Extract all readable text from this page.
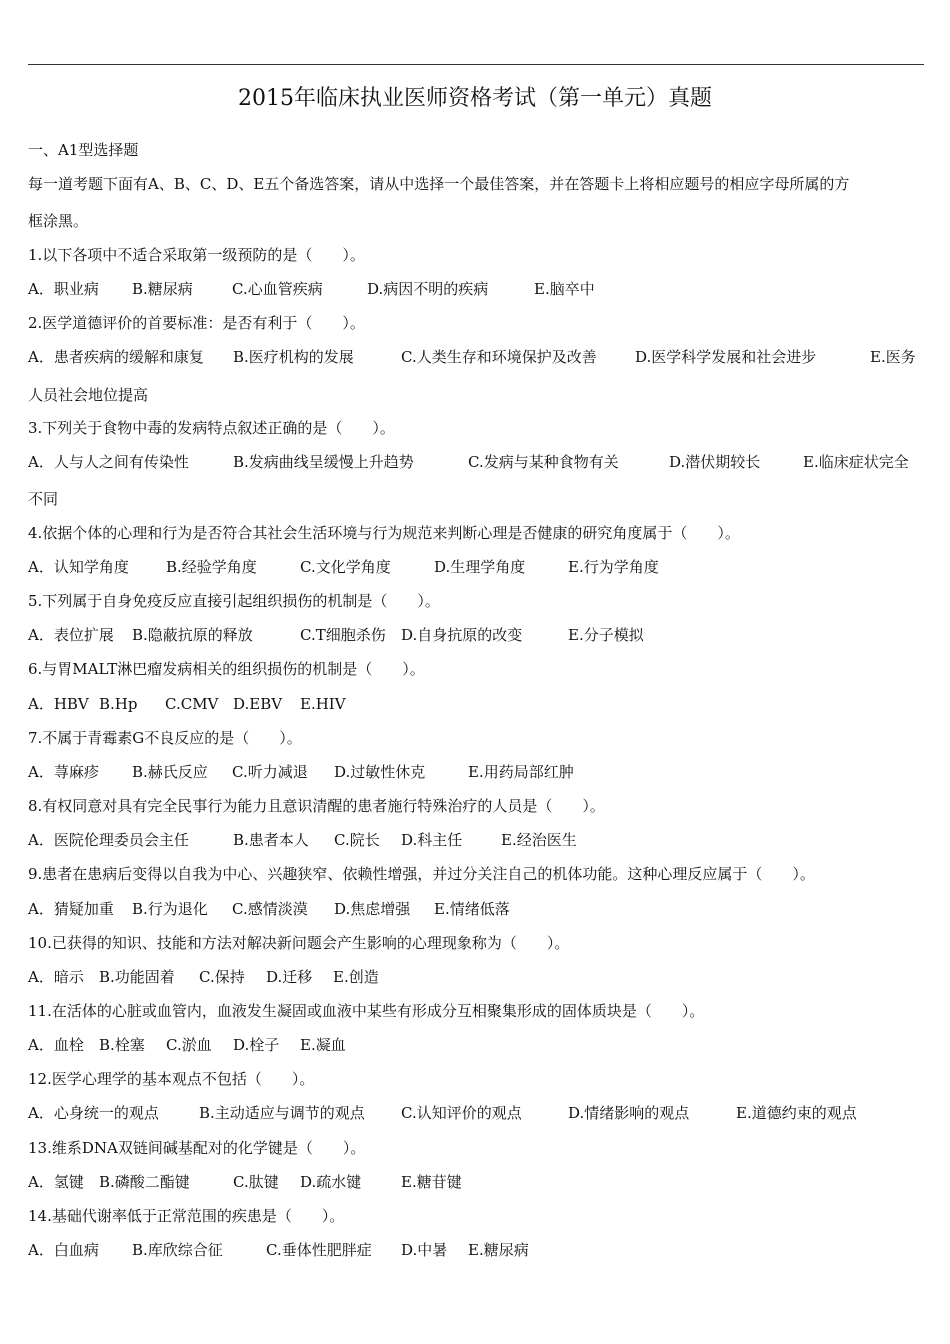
2015年临床执业医师资格考试（第一单元）真题
一、A1型选择题
每一道考题下面有A、B、C、D、E五个备选答案，请从中选择一个最佳答案，并在答题卡上将相应题号的相应字母所属的方
框涂黑。
1.以下各项中不适合采取第一级预防的是（　　）。
A．职业病 B.糖尿病	C.心血管疾病	D.病因不明的疾病	E.脑卒中
2.医学道德评价的首要标准：是否有利于（　　）。
A．患者疾病的缓解和康复 B.医疗机构的发展	C.人类生存和环境保护及改善	D.医学科学发展和社会进步	E.医务
人员社会地位提高
3.下列关于食物中毒的发病特点叙述正确的是（　　）。
A．人与人之间有传染性	B.发病曲线呈缓慢上升趋势	C.发病与某种食物有关	D.潜伏期较长	E.临床症状完全
不同
4.依据个体的心理和行为是否符合其社会生活环境与行为规范来判断心理是否健康的研究角度属于（　　）。
A．认知学角度 B.经验学角度	C.文化学角度	D.生理学角度	E.行为学角度
5.下列属于自身免疫反应直接引起组织损伤的机制是（　　）。
A．表位扩展 B.隐蔽抗原的释放	C.T细胞杀伤 D.自身抗原的改变	E.分子模拟
6.与胃MALT淋巴瘤发病相关的组织损伤的机制是（　　）。
A．HBV B.Hp C.CMV D.EBV E.HIV
7.不属于青霉素G不良反应的是（　　）。
A．荨麻疹 B.赫氏反应 C.听力减退 D.过敏性休克	E.用药局部红肿
8.有权同意对具有完全民事行为能力且意识清醒的患者施行特殊治疗的人员是（　　）。
A．医院伦理委员会主任	B.患者本人 C.院长 D.科主任	E.经治医生
9.患者在患病后变得以自我为中心、兴趣狭窄、依赖性增强，并过分关注自己的机体功能。这种心理反应属于（　　）。
A．猜疑加重 B.行为退化 C.感情淡漠 D.焦虑增强 E.情绪低落
10.已获得的知识、技能和方法对解决新问题会产生影响的心理现象称为（　　）。
A．暗示 B.功能固着 C.保持 D.迁移 E.创造
11.在活体的心脏或血管内，血液发生凝固或血液中某些有形成分互相聚集形成的固体质块是（　　）。
A．血栓 B.栓塞 C.淤血 D.栓子 E.凝血
12.医学心理学的基本观点不包括（　　）。
A．心身统一的观点	B.主动适应与调节的观点 C.认知评价的观点	D.情绪影响的观点	E.道德约束的观点
13.维系DNA双链间碱基配对的化学键是（　　）。
A．氢键 B.磷酸二酯键	C.肽键 D.疏水键	E.糖苷键
14.基础代谢率低于正常范围的疾患是（　　）。
A．白血病 B.库欣综合征	C.垂体性肥胖症 D.中暑 E.糖尿病
